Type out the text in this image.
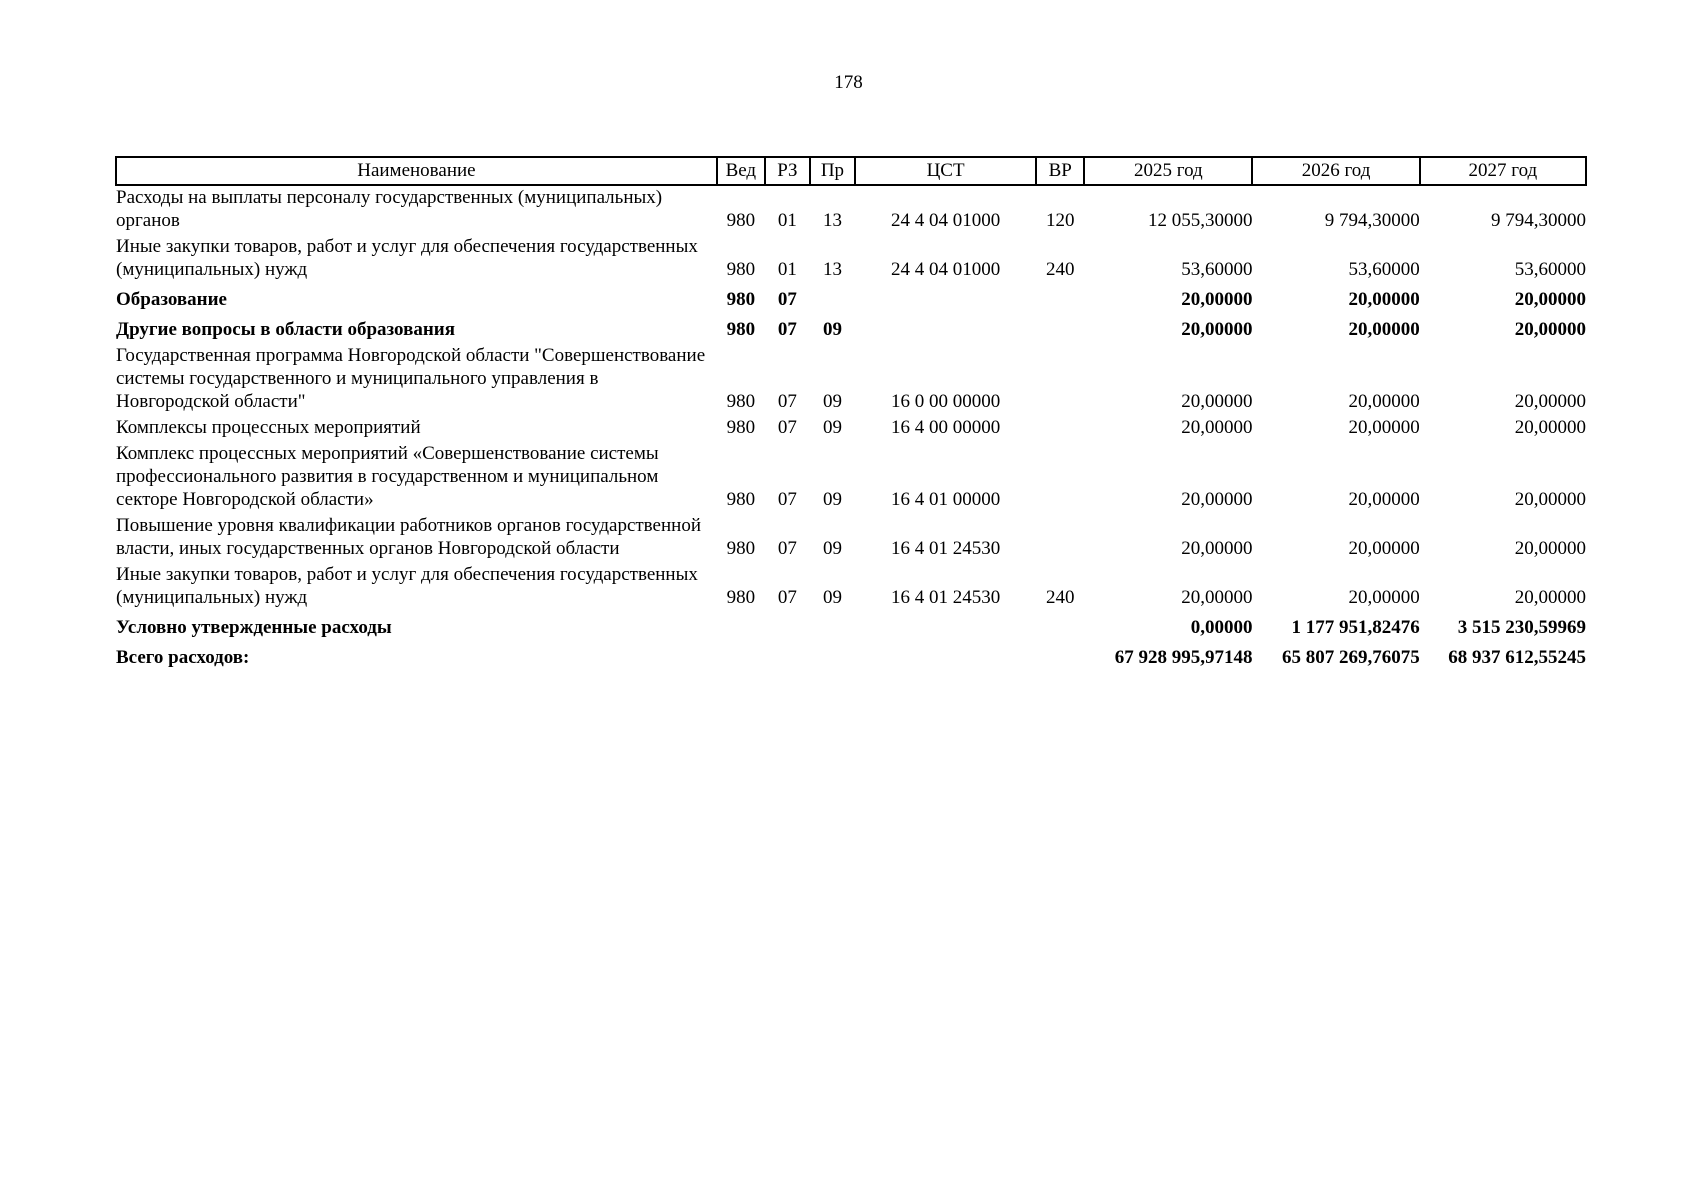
178
Наименование	Вед	РЗ	Пр	ЦСТ	ВР	2025 год	2026 год	2027 год
Расходы на выплаты персоналу государственных (муниципальных) органов	980	01	13	24 4 04 01000	120	12 055,30000	9 794,30000	9 794,30000
Иные закупки товаров, работ и услуг для обеспечения государственных (муниципальных) нужд	980	01	13	24 4 04 01000	240	53,60000	53,60000	53,60000
Образование	980	07				20,00000	20,00000	20,00000
Другие вопросы в области образования	980	07	09			20,00000	20,00000	20,00000
Государственная программа Новгородской области "Совершенствование системы государственного и муниципального управления в Новгородской области"	980	07	09	16 0 00 00000		20,00000	20,00000	20,00000
Комплексы процессных мероприятий	980	07	09	16 4 00 00000		20,00000	20,00000	20,00000
Комплекс процессных мероприятий «Совершенствование системы профессионального развития в государственном и муниципальном секторе Новгородской области»	980	07	09	16 4 01 00000		20,00000	20,00000	20,00000
Повышение уровня квалификации работников органов государственной власти, иных государственных органов Новгородской области	980	07	09	16 4 01 24530		20,00000	20,00000	20,00000
Иные закупки товаров, работ и услуг для обеспечения государственных (муниципальных) нужд	980	07	09	16 4 01 24530	240	20,00000	20,00000	20,00000
Условно утвержденные расходы						0,00000	1 177 951,82476	3 515 230,59969
Всего расходов:						67 928 995,97148	65 807 269,76075	68 937 612,55245
